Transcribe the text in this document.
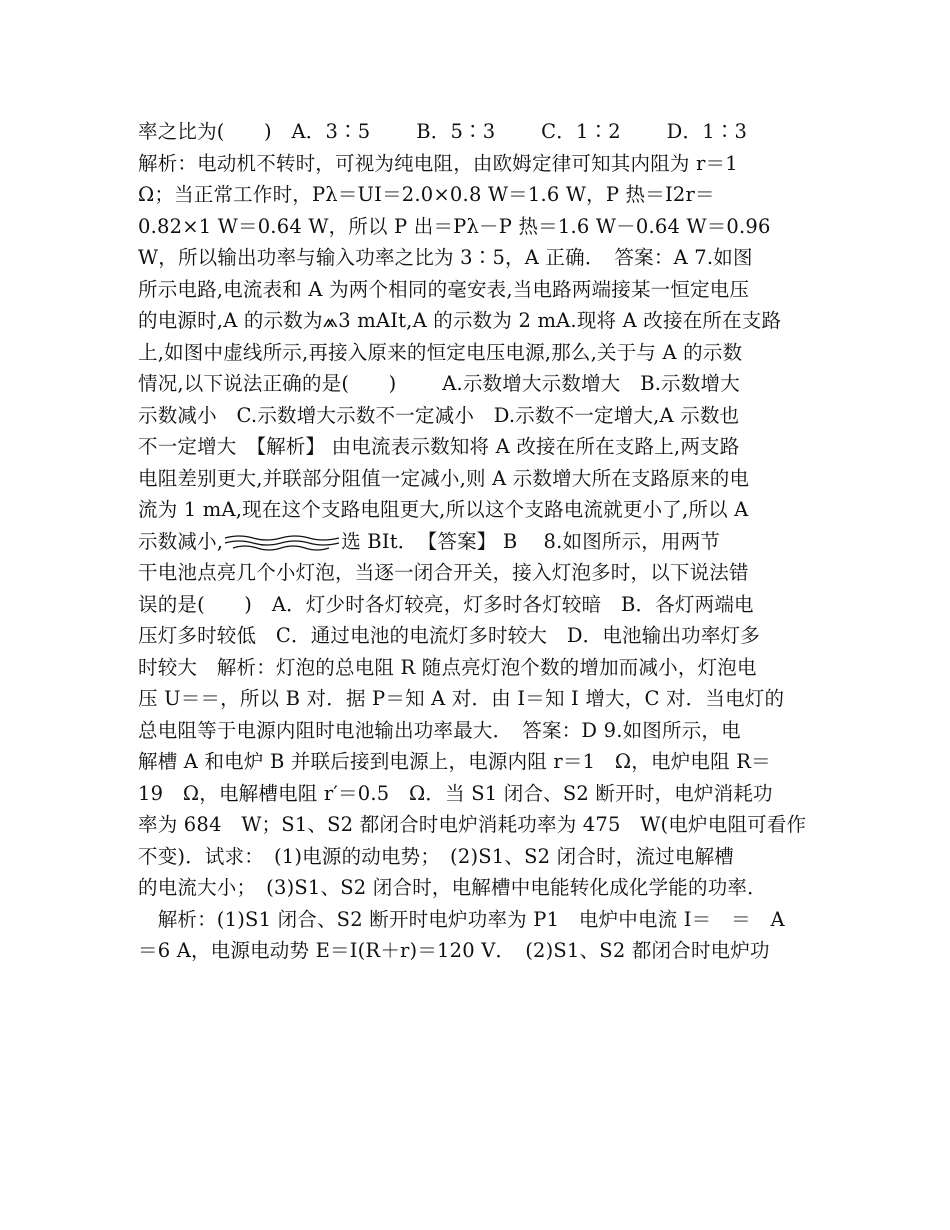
率之比为(　　)　A．3∶5　　 B．5∶3　　 C．1∶2　　 D．1∶3
解析：电动机不转时，可视为纯电阻，由欧姆定律可知其内阻为 r＝1
Ω；当正常工作时，Pλ＝UI＝2.0×0.8 W＝1.6 W，P 热＝I2r＝
0.82×1 W＝0.64 W，所以 P 出＝Pλ－P 热＝1.6 W－0.64 W＝0.96
W，所以输出功率与输入功率之比为 3∶5，A 正确．　答案：A 7.如图
所示电路,电流表和 A 为两个相同的毫安表,当电路两端接某一恒定电压
的电源时,A 的示数为⩕3 mAIt,A 的示数为 2 mA.现将 A 改接在所在支路
上,如图中虚线所示,再接入原来的恒定电压电源,那么,关于与 A 的示数
情况,以下说法正确的是(　　)　　 A.示数增大示数增大　B.示数增大
示数减小　C.示数增大示数不一定减小　D.示数不一定增大,A 示数也
不一定增大　【解析】 由电流表示数知将 A 改接在所在支路上,两支路
电阻差别更大,并联部分阻值一定减小,则 A 示数增大所在支路原来的电
流为 1 mA,现在这个支路电阻更大,所以这个支路电流就更小了,所以 A
示数减小,	选 BIt．　【答案】 B　 8.如图所示，用两节
干电池点亮几个小灯泡，当逐一闭合开关，接入灯泡多时，以下说法错
误的是(　　)　A．灯少时各灯较亮，灯多时各灯较暗　B．各灯两端电
压灯多时较低　C．通过电池的电流灯多时较大　D．电池输出功率灯多
时较大　解析：灯泡的总电阻 R 随点亮灯泡个数的增加而减小，灯泡电
压 U＝＝，所以 B 对．据 P＝知 A 对．由 I＝知 I 增大，C 对．当电灯的
总电阻等于电源内阻时电池输出功率最大．　答案：D 9.如图所示，电
解槽 A 和电炉 B 并联后接到电源上，电源内阻 r＝1　Ω，电炉电阻 R＝
19　Ω，电解槽电阻 r′＝0.5　Ω．当 S1 闭合、S2 断开时，电炉消耗功
率为 684　W；S1、S2 都闭合时电炉消耗功率为 475　W(电炉电阻可看作
不变)．试求：　(1)电源的动电势；　(2)S1、S2 闭合时，流过电解槽
的电流大小；　(3)S1、S2 闭合时，电解槽中电能转化成化学能的功率．
　解析：(1)S1 闭合、S2 断开时电炉功率为 P1　电炉中电流 I＝　＝　A
＝6 A，电源电动势 E＝I(R＋r)＝120 V．　(2)S1、S2 都闭合时电炉功
